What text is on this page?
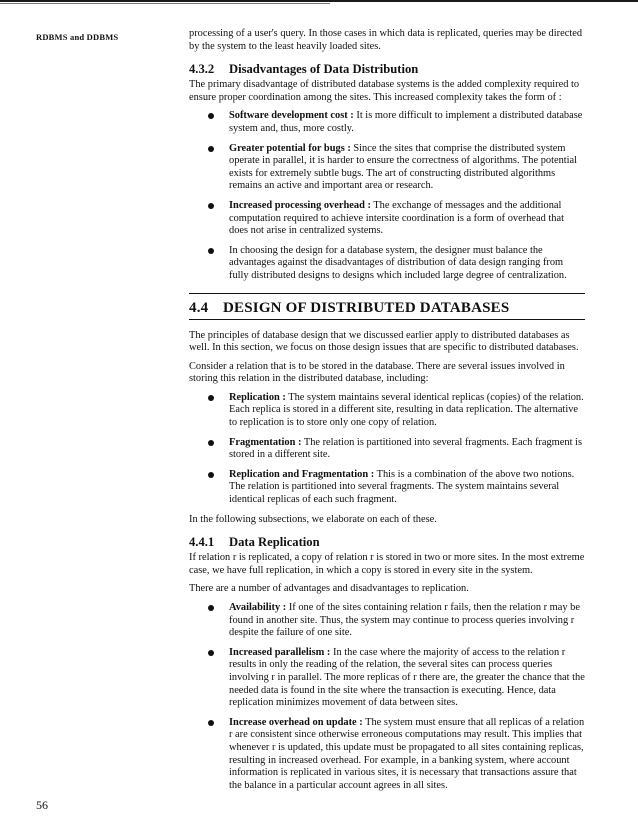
RDBMS and DDBMS	processing of a user's query. In those cases in which data is replicated, queries may be directed by the system to the least heavily loaded sites.

4.3.2 Disadvantages of Data Distribution

The primary disadvantage of distributed database systems is the added complexity required to ensure proper coordination among the sites. This increased complexity takes the form of :

Software development cost : It is more difficult to implement a distributed database system and, thus, more costly.
Greater potential for bugs : Since the sites that comprise the distributed system operate in parallel, it is harder to ensure the correctness of algorithms. The potential exists for extremely subtle bugs. The art of constructing distributed algorithms remains an active and important area or research.
Increased processing overhead : The exchange of messages and the additional computation required to achieve intersite coordination is a form of overhead that does not arise in centralized systems.
In choosing the design for a database system, the designer must balance the advantages against the disadvantages of distribution of data design ranging from fully distributed designs to designs which included large degree of centralization.
4.4 DESIGN OF DISTRIBUTED DATABASES

The principles of database design that we discussed earlier apply to distributed databases as well. In this section, we focus on those design issues that are specific to distributed databases.

Consider a relation that is to be stored in the database. There are several issues involved in storing this relation in the distributed database, including:

Replication : The system maintains several identical replicas (copies) of the relation. Each replica is stored in a different site, resulting in data replication. The alternative to replication is to store only one copy of relation.
Fragmentation : The relation is partitioned into several fragments. Each fragment is stored in a different site.
Replication and Fragmentation : This is a combination of the above two notions. The relation is partitioned into several fragments. The system maintains several identical replicas of each such fragment.

In the following subsections, we elaborate on each of these.

4.4.1 Data Replication

If relation r is replicated, a copy of relation r is stored in two or more sites. In the most extreme case, we have full replication, in which a copy is stored in every site in the system.

There are a number of advantages and disadvantages to replication.

Availability : If one of the sites containing relation r fails, then the relation r may be found in another site. Thus, the system may continue to process queries involving r despite the failure of one site.
Increased parallelism : In the case where the majority of access to the relation r results in only the reading of the relation, the several sites can process queries involving r in parallel. The more replicas of r there are, the greater the chance that the needed data is found in the site where the transaction is executing. Hence, data replication minimizes movement of data between sites.
Increase overhead on update : The system must ensure that all replicas of a relation r are consistent since otherwise erroneous computations may result. This implies that whenever r is updated, this update must be propagated to all sites containing replicas, resulting in increased overhead. For example, in a banking system, where account information is replicated in various sites, it is necessary that transactions assure that the balance in a particular account agrees in all sites.
56
